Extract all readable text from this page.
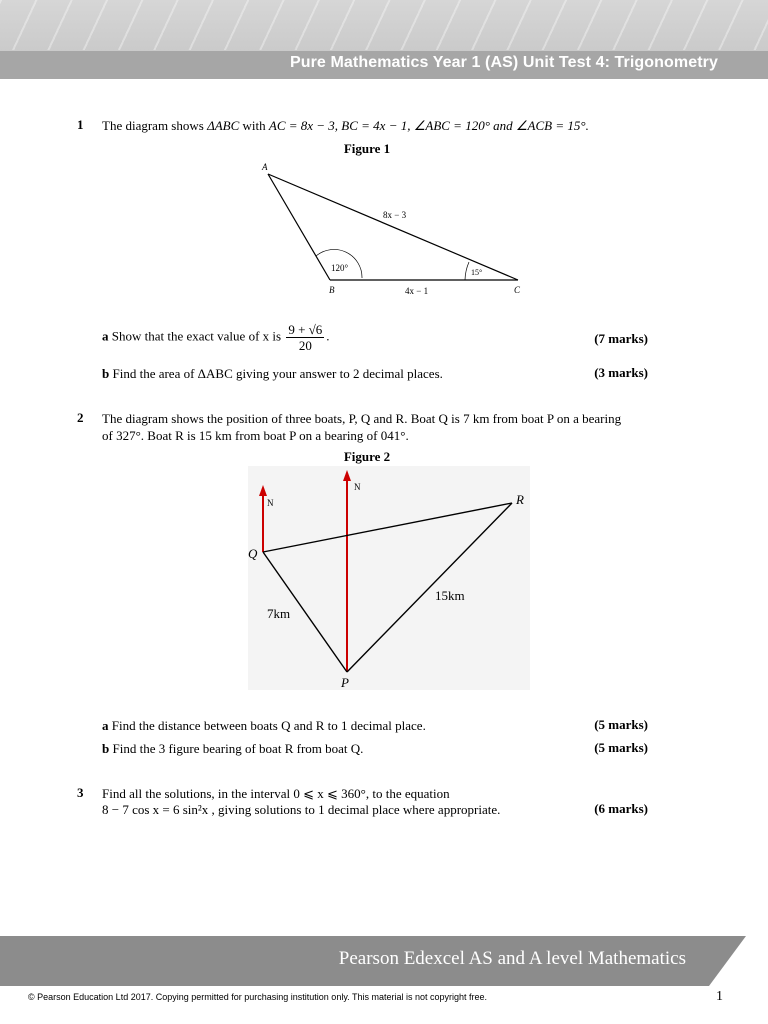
Pure Mathematics Year 1 (AS) Unit Test 4: Trigonometry
1 The diagram shows ΔABC with AC = 8x − 3, BC = 4x − 1, ∠ABC = 120° and ∠ACB = 15°.
Figure 1
A
B	C
8x − 3
4x − 1
120°	15°
a Show that the exact value of x is $\frac{9 + √6}{20}$ .	(7 marks)
b Find the area of ΔABC giving your answer to 2 decimal places.	(3 marks)
2 The diagram shows the position of three boats, P, Q and R. Boat Q is 7 km from boat P on a bearing
of 327°. Boat R is 15 km from boat P on a bearing of 041°.
Figure 2
N
N
Q
P
R
7km
15km
a Find the distance between boats Q and R to 1 decimal place.	(5 marks)
b Find the 3 figure bearing of boat R from boat Q.	(5 marks)
3 Find all the solutions, in the interval 0 ⩽ x ⩽ 360°, to the equation
8 − 7 cos x = 6 sin²x , giving solutions to 1 decimal place where appropriate.	(6 marks)
Pearson Edexcel AS and A level Mathematics
© Pearson Education Ltd 2017. Copying permitted for purchasing institution only. This material is not copyright free.	1
